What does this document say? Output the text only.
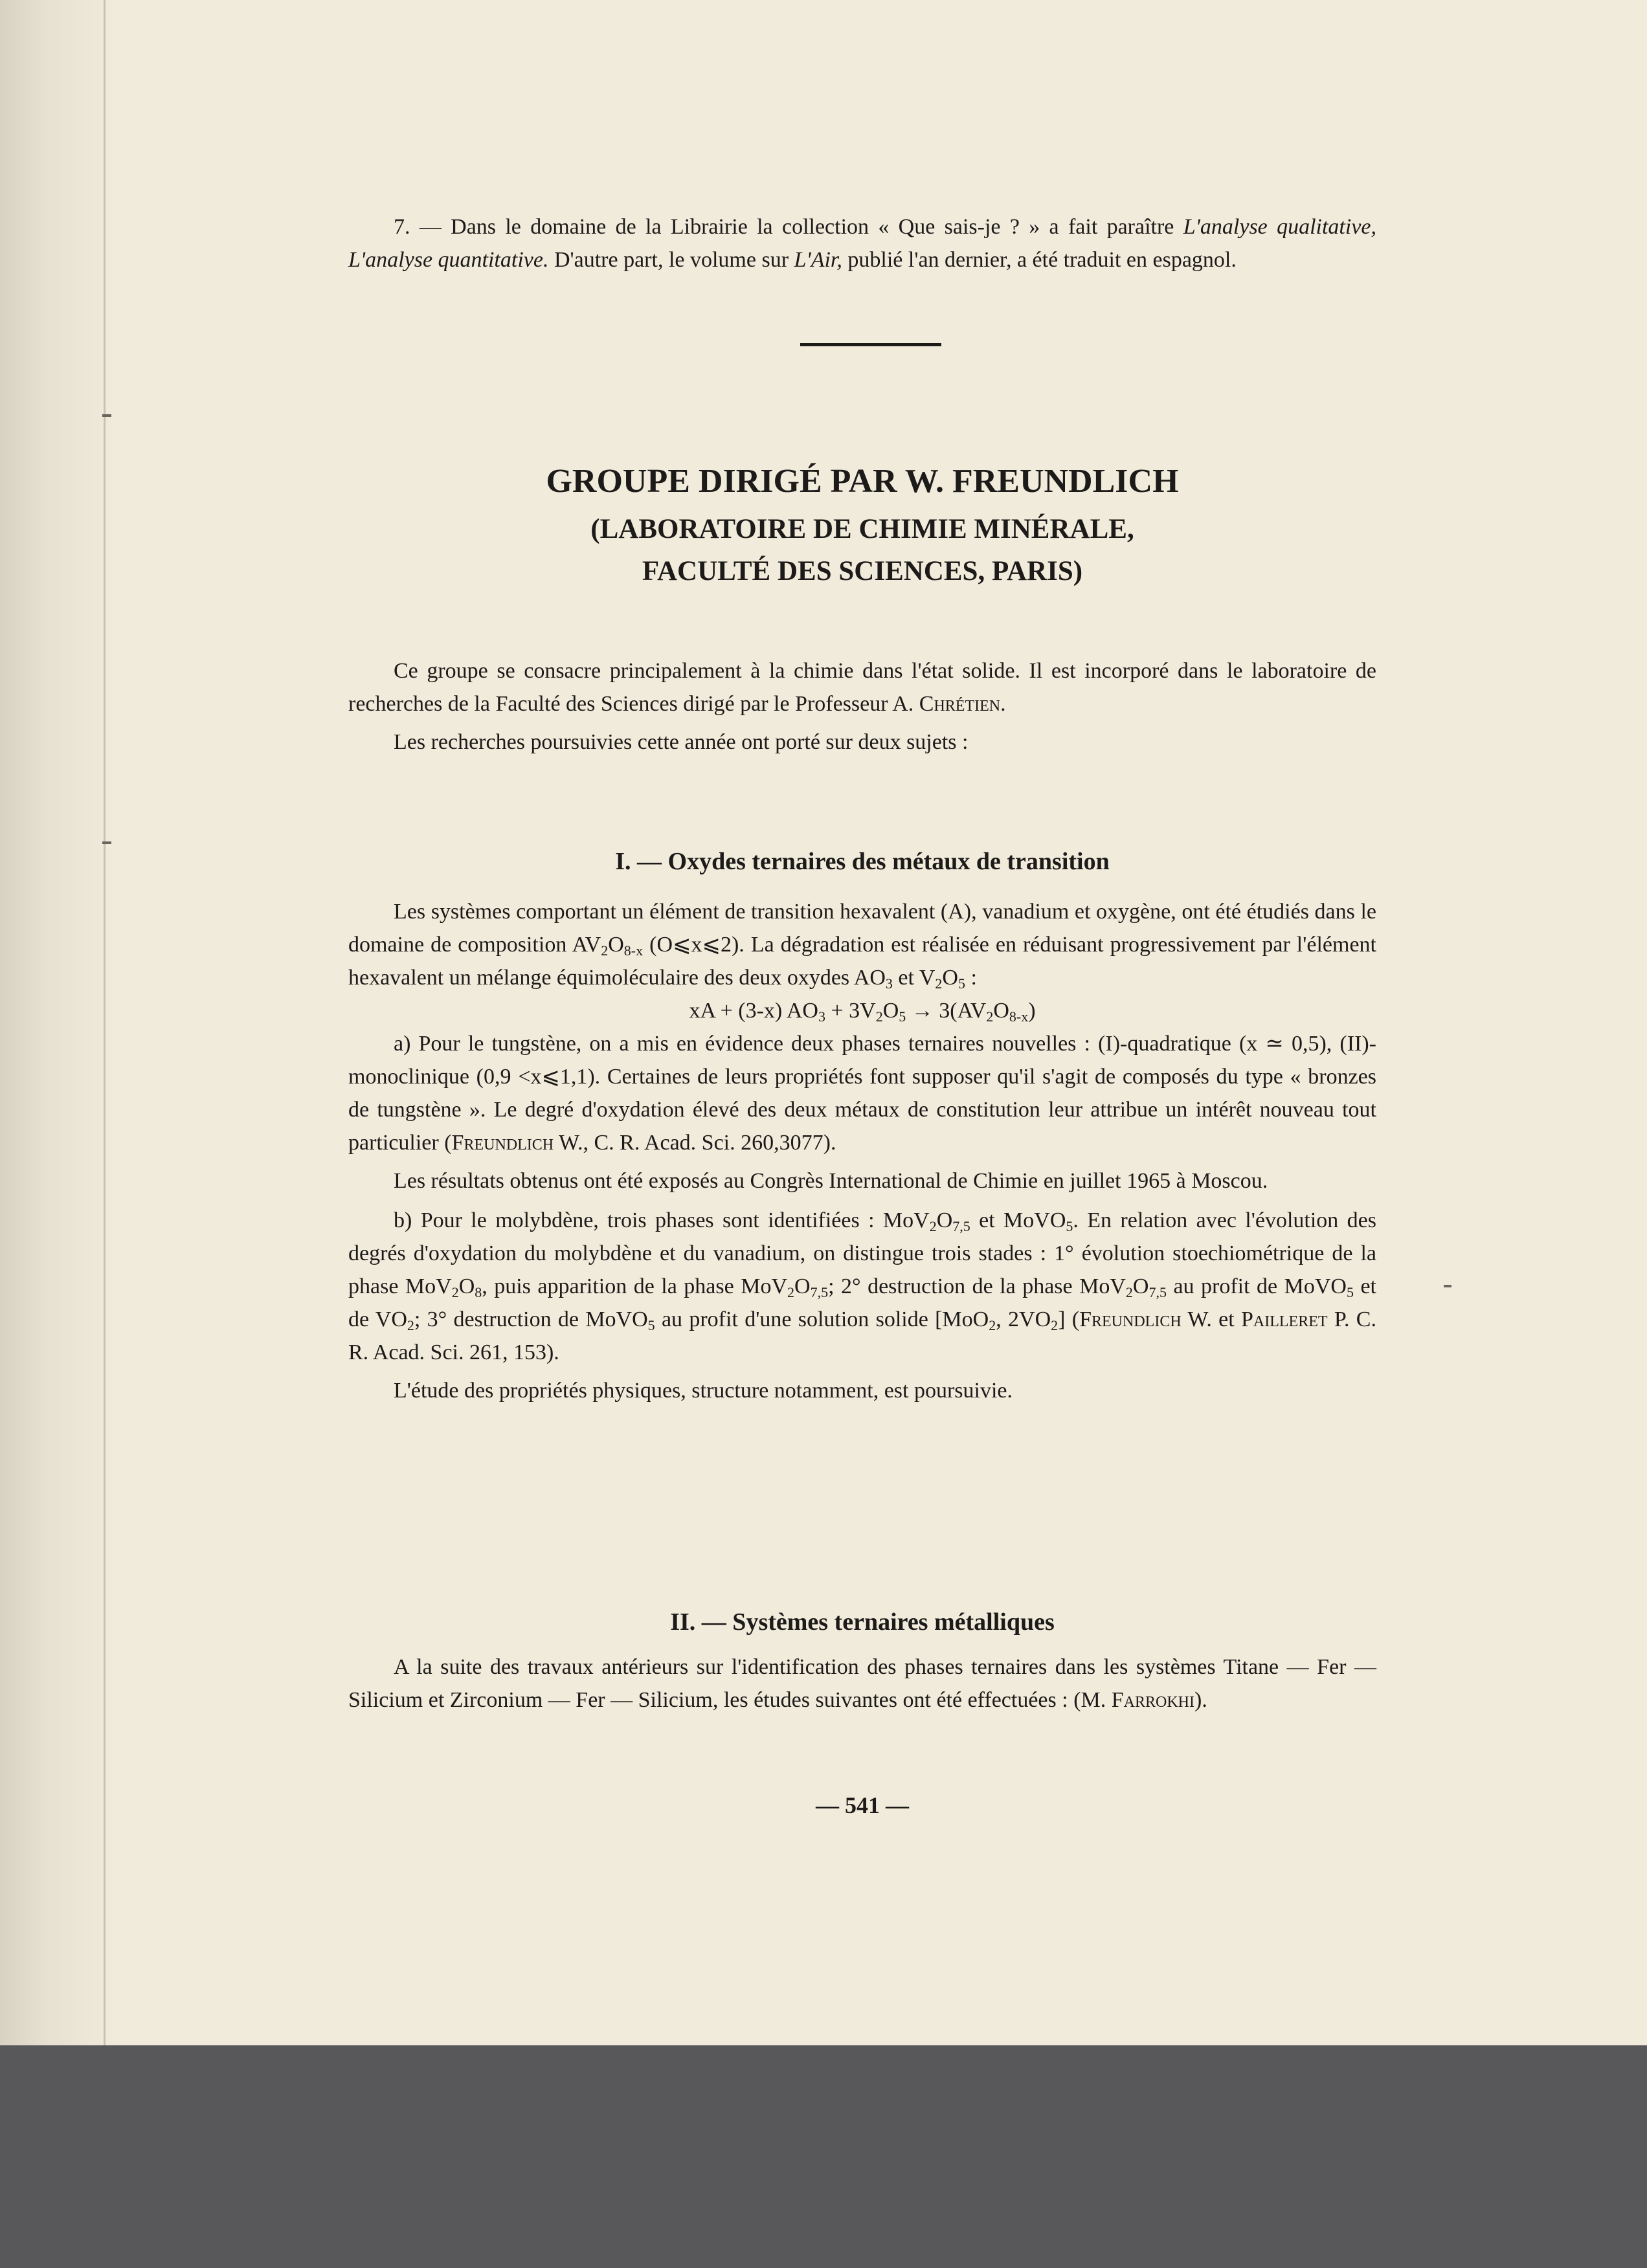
7. — Dans le domaine de la Librairie la collection « Que sais-je ? » a fait paraître L'analyse qualitative, L'analyse quantitative. D'autre part, le volume sur L'Air, publié l'an dernier, a été traduit en espagnol.

GROUPE DIRIGÉ PAR W. FREUNDLICH
(LABORATOIRE DE CHIMIE MINÉRALE,
FACULTÉ DES SCIENCES, PARIS)

Ce groupe se consacre principalement à la chimie dans l'état solide. Il est incorporé dans le laboratoire de recherches de la Faculté des Sciences dirigé par le Professeur A. Chrétien.

Les recherches poursuivies cette année ont porté sur deux sujets :

I. — Oxydes ternaires des métaux de transition

Les systèmes comportant un élément de transition hexavalent (A), vanadium et oxygène, ont été étudiés dans le domaine de composition $AV_2O_{8-x}$ (O⩽x⩽2). La dégradation est réalisée en réduisant progressivement par l'élément hexavalent un mélange équimoléculaire des deux oxydes $AO_3$ et $V_2O_5$ :

xA + (3-x) $AO_3 + 3V_2O_5 \to 3(AV_2O_{8-x})$

a) Pour le tungstène, on a mis en évidence deux phases ternaires nouvelles : (I)-quadratique (x ≃ 0,5), (II)-monoclinique (0,9 <x⩽1,1). Certaines de leurs propriétés font supposer qu'il s'agit de composés du type « bronzes de tungstène ». Le degré d'oxydation élevé des deux métaux de constitution leur attribue un intérêt nouveau tout particulier (Freundlich W., C. R. Acad. Sci. 260,3077).

Les résultats obtenus ont été exposés au Congrès International de Chimie en juillet 1965 à Moscou.

b) Pour le molybdène, trois phases sont identifiées : $MoV_2O_{7,5}$ et MoVO$_5$. En relation avec l'évolution des degrés d'oxydation du molybdène et du vanadium, on distingue trois stades : 1° évolution stoechiométrique de la phase $MoV_2O_8$, puis apparition de la phase $MoV_2O_{7,5}$; 2° destruction de la phase $MoV_2O_{7,5}$ au profit de MoVO$_5$ et de $VO_2$; 3° destruction de MoVO$_5$ au profit d'une solution solide [MoO$_2$, $2VO_2$] (Freundlich W. et Pailleret P. C. R. Acad. Sci. 261, 153).

L'étude des propriétés physiques, structure notamment, est poursuivie.

II. — Systèmes ternaires métalliques

A la suite des travaux antérieurs sur l'identification des phases ternaires dans les systèmes Titane — Fer — Silicium et Zirconium — Fer — Silicium, les études suivantes ont été effectuées : (M. Farrokhi).

— 541 —
